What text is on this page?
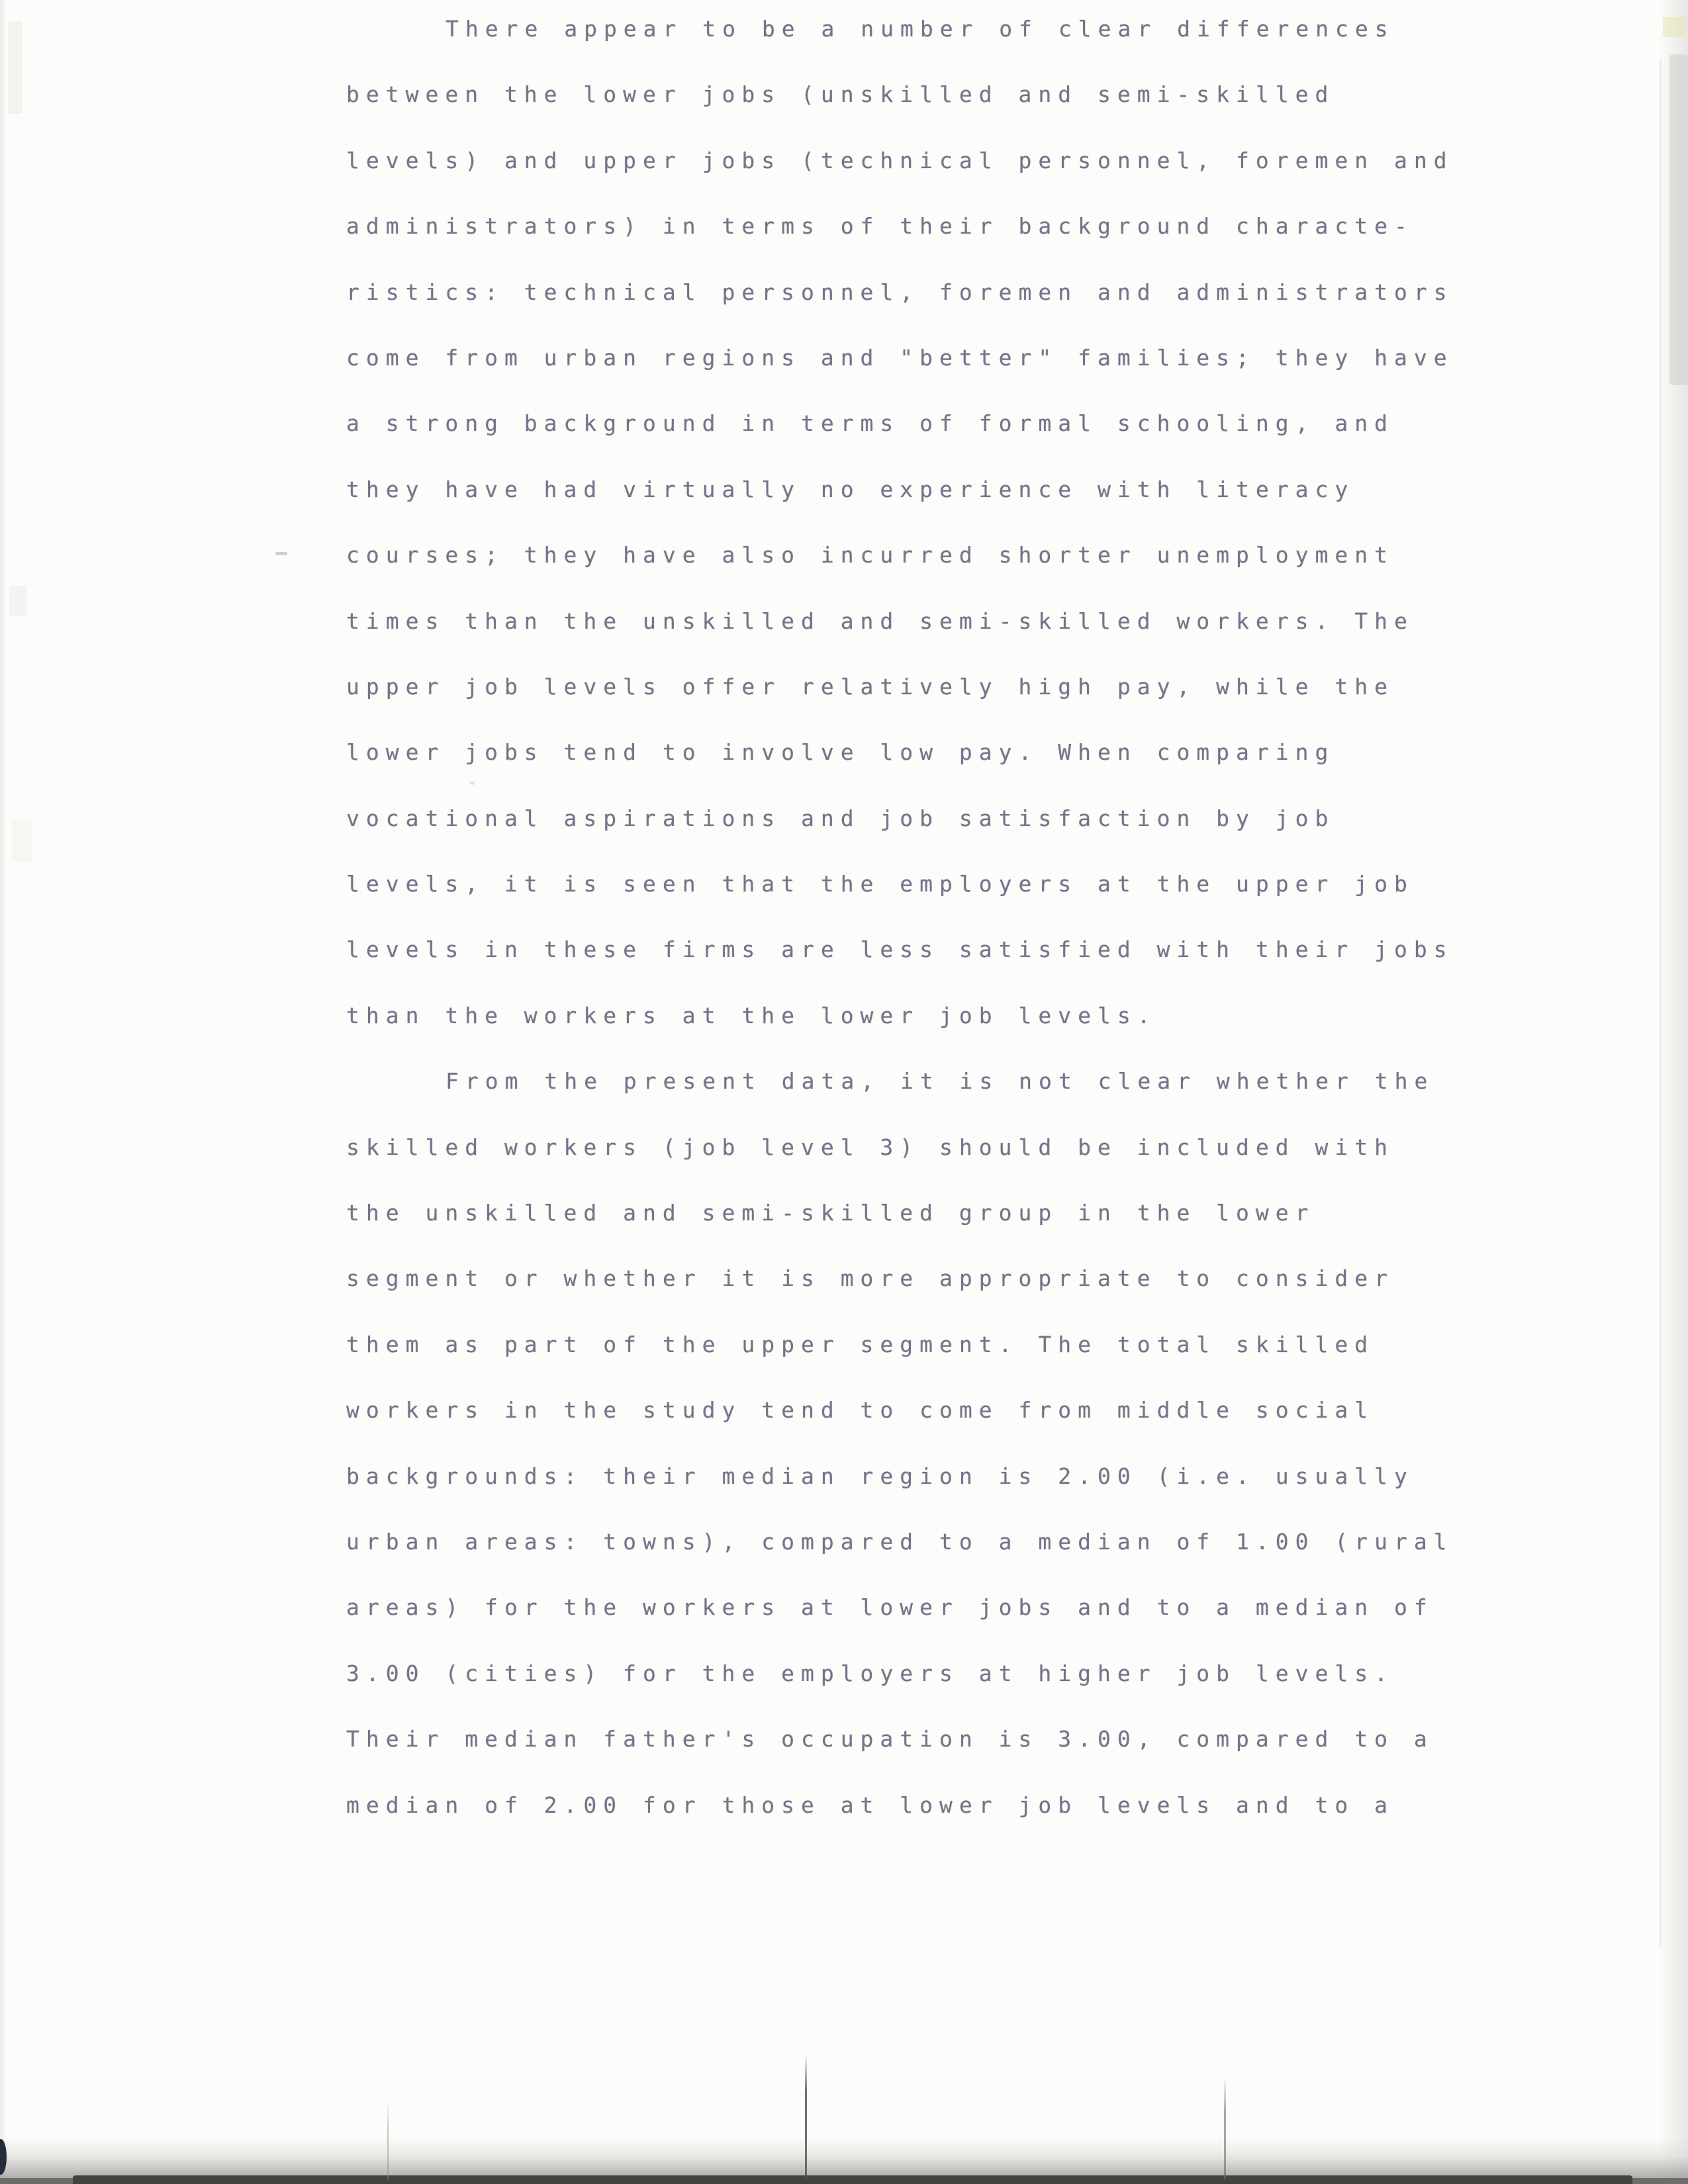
There appear to be a number of clear differences
between the lower jobs (unskilled and semi-skilled
levels) and upper jobs (technical personnel, foremen and
administrators) in terms of their background characte-
ristics: technical personnel, foremen and administrators
come from urban regions and "better" families; they have
a strong background in terms of formal schooling, and
they have had virtually no experience with literacy
courses; they have also incurred shorter unemployment
times than the unskilled and semi-skilled workers. The
upper job levels offer relatively high pay, while the
lower jobs tend to involve low pay. When comparing
vocational aspirations and job satisfaction by job
levels, it is seen that the employers at the upper job
levels in these firms are less satisfied with their jobs
than the workers at the lower job levels.
From the present data, it is not clear whether the
skilled workers (job level 3) should be included with
the unskilled and semi-skilled group in the lower
segment or whether it is more appropriate to consider
them as part of the upper segment. The total skilled
workers in the study tend to come from middle social
backgrounds: their median region is 2.00 (i.e. usually
urban areas: towns), compared to a median of 1.00 (rural
areas) for the workers at lower jobs and to a median of
3.00 (cities) for the employers at higher job levels.
Their median father's occupation is 3.00, compared to a
median of 2.00 for those at lower job levels and to a
